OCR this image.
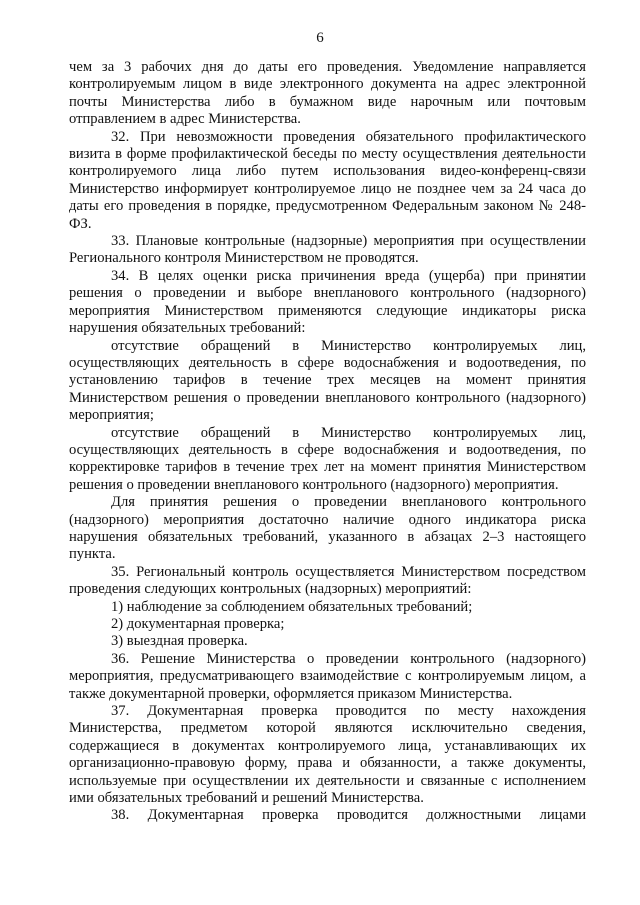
6

чем за 3 рабочих дня до даты его проведения. Уведомление направляется контролируемым лицом в виде электронного документа на адрес электронной почты Министерства либо в бумажном виде нарочным или почтовым отправлением в адрес Министерства.

32. При невозможности проведения обязательного профилактического визита в форме профилактической беседы по месту осуществления деятельности контролируемого лица либо путем использования видео-конференц-связи Министерство информирует контролируемое лицо не позднее чем за 24 часа до даты его проведения в порядке, предусмотренном Федеральным законом № 248-ФЗ.

33. Плановые контрольные (надзорные) мероприятия при осуществлении Регионального контроля Министерством не проводятся.

34. В целях оценки риска причинения вреда (ущерба) при принятии решения о проведении и выборе внепланового контрольного (надзорного) мероприятия Министерством применяются следующие индикаторы риска нарушения обязательных требований:

отсутствие обращений в Министерство контролируемых лиц, осуществляющих деятельность в сфере водоснабжения и водоотведения, по установлению тарифов в течение трех месяцев на момент принятия Министерством решения о проведении внепланового контрольного (надзорного) мероприятия;

отсутствие обращений в Министерство контролируемых лиц, осуществляющих деятельность в сфере водоснабжения и водоотведения, по корректировке тарифов в течение трех лет на момент принятия Министерством решения о проведении внепланового контрольного (надзорного) мероприятия.

Для принятия решения о проведении внепланового контрольного (надзорного) мероприятия достаточно наличие одного индикатора риска нарушения обязательных требований, указанного в абзацах 2–3 настоящего пункта.

35. Региональный контроль осуществляется Министерством посредством проведения следующих контрольных (надзорных) мероприятий:

1) наблюдение за соблюдением обязательных требований;

2) документарная проверка;

3) выездная проверка.

36. Решение Министерства о проведении контрольного (надзорного) мероприятия, предусматривающего взаимодействие с контролируемым лицом, а также документарной проверки, оформляется приказом Министерства.

37. Документарная проверка проводится по месту нахождения Министерства, предметом которой являются исключительно сведения, содержащиеся в документах контролируемого лица, устанавливающих их организационно-правовую форму, права и обязанности, а также документы, используемые при осуществлении их деятельности и связанные с исполнением ими обязательных требований и решений Министерства.

38. Документарная проверка проводится должностными лицами
